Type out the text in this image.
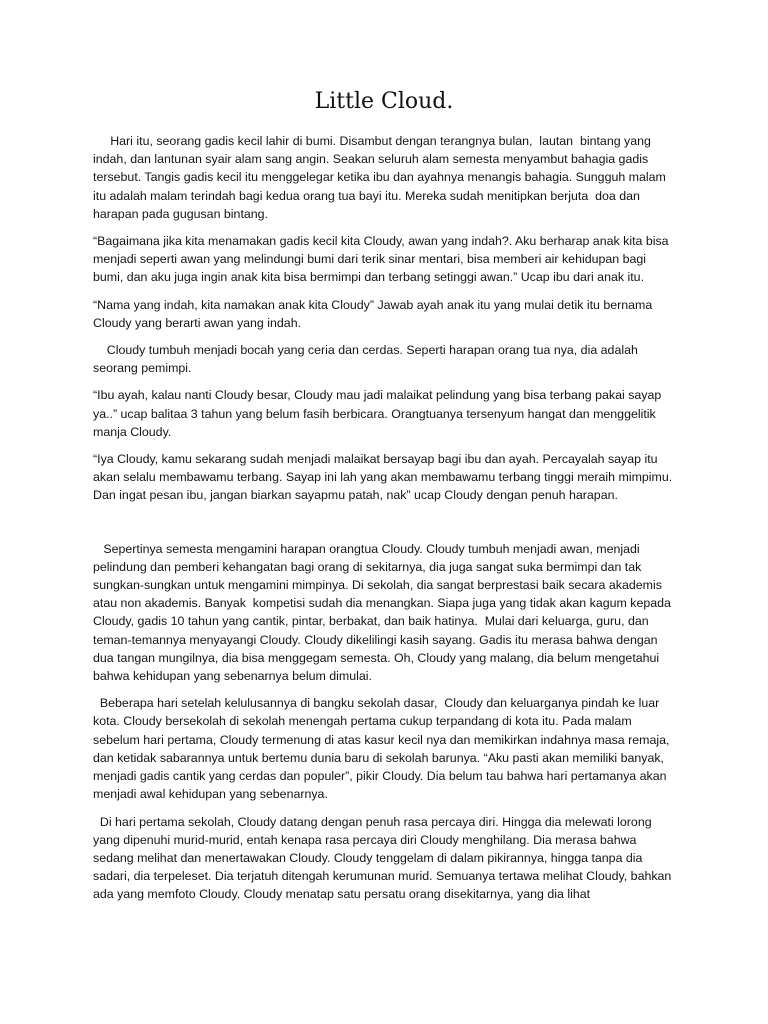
Little Cloud.

Hari itu, seorang gadis kecil lahir di bumi. Disambut dengan terangnya bulan,  lautan  bintang yang indah, dan lantunan syair alam sang angin. Seakan seluruh alam semesta menyambut bahagia gadis tersebut. Tangis gadis kecil itu menggelegar ketika ibu dan ayahnya menangis bahagia. Sungguh malam itu adalah malam terindah bagi kedua orang tua bayi itu. Mereka sudah menitipkan berjuta  doa dan harapan pada gugusan bintang.

“Bagaimana jika kita menamakan gadis kecil kita Cloudy, awan yang indah?. Aku berharap anak kita bisa menjadi seperti awan yang melindungi bumi dari terik sinar mentari, bisa memberi air kehidupan bagi bumi, dan aku juga ingin anak kita bisa bermimpi dan terbang setinggi awan.” Ucap ibu dari anak itu.

“Nama yang indah, kita namakan anak kita Cloudy” Jawab ayah anak itu yang mulai detik itu bernama Cloudy yang berarti awan yang indah.

Cloudy tumbuh menjadi bocah yang ceria dan cerdas. Seperti harapan orang tua nya, dia adalah seorang pemimpi.

“Ibu ayah, kalau nanti Cloudy besar, Cloudy mau jadi malaikat pelindung yang bisa terbang pakai sayap ya..” ucap balitaa 3 tahun yang belum fasih berbicara. Orangtuanya tersenyum hangat dan menggelitik manja Cloudy.

“Iya Cloudy, kamu sekarang sudah menjadi malaikat bersayap bagi ibu dan ayah. Percayalah sayap itu akan selalu membawamu terbang. Sayap ini lah yang akan membawamu terbang tinggi meraih mimpimu. Dan ingat pesan ibu, jangan biarkan sayapmu patah, nak” ucap Cloudy dengan penuh harapan.

Sepertinya semesta mengamini harapan orangtua Cloudy. Cloudy tumbuh menjadi awan, menjadi pelindung dan pemberi kehangatan bagi orang di sekitarnya, dia juga sangat suka bermimpi dan tak sungkan-sungkan untuk mengamini mimpinya. Di sekolah, dia sangat berprestasi baik secara akademis atau non akademis. Banyak  kompetisi sudah dia menangkan. Siapa juga yang tidak akan kagum kepada Cloudy, gadis 10 tahun yang cantik, pintar, berbakat, dan baik hatinya.  Mulai dari keluarga, guru, dan teman-temannya menyayangi Cloudy. Cloudy dikelilingi kasih sayang. Gadis itu merasa bahwa dengan dua tangan mungilnya, dia bisa menggegam semesta. Oh, Cloudy yang malang, dia belum mengetahui bahwa kehidupan yang sebenarnya belum dimulai.

Beberapa hari setelah kelulusannya di bangku sekolah dasar,  Cloudy dan keluarganya pindah ke luar kota. Cloudy bersekolah di sekolah menengah pertama cukup terpandang di kota itu. Pada malam sebelum hari pertama, Cloudy termenung di atas kasur kecil nya dan memikirkan indahnya masa remaja, dan ketidak sabarannya untuk bertemu dunia baru di sekolah barunya. “Aku pasti akan memiliki banyak, menjadi gadis cantik yang cerdas dan populer”, pikir Cloudy. Dia belum tau bahwa hari pertamanya akan menjadi awal kehidupan yang sebenarnya.

Di hari pertama sekolah, Cloudy datang dengan penuh rasa percaya diri. Hingga dia melewati lorong yang dipenuhi murid-murid, entah kenapa rasa percaya diri Cloudy menghilang. Dia merasa bahwa sedang melihat dan menertawakan Cloudy. Cloudy tenggelam di dalam pikirannya, hingga tanpa dia sadari, dia terpeleset. Dia terjatuh ditengah kerumunan murid. Semuanya tertawa melihat Cloudy, bahkan ada yang memfoto Cloudy. Cloudy menatap satu persatu orang disekitarnya, yang dia lihat
